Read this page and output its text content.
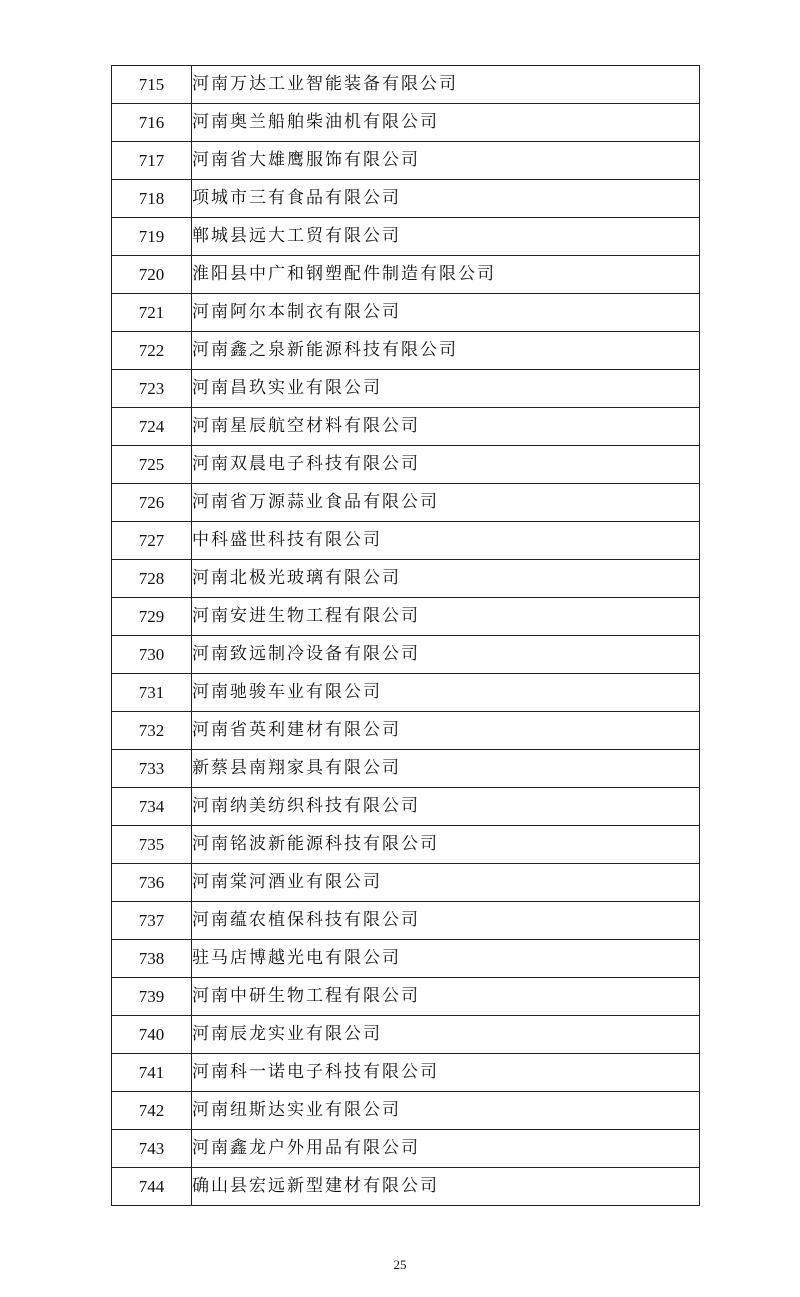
715	河南万达工业智能装备有限公司
716	河南奥兰船舶柴油机有限公司
717	河南省大雄鹰服饰有限公司
718	项城市三有食品有限公司
719	郸城县远大工贸有限公司
720	淮阳县中广和钢塑配件制造有限公司
721	河南阿尔本制衣有限公司
722	河南鑫之泉新能源科技有限公司
723	河南昌玖实业有限公司
724	河南星辰航空材料有限公司
725	河南双晨电子科技有限公司
726	河南省万源蒜业食品有限公司
727	中科盛世科技有限公司
728	河南北极光玻璃有限公司
729	河南安进生物工程有限公司
730	河南致远制冷设备有限公司
731	河南驰骏车业有限公司
732	河南省英利建材有限公司
733	新蔡县南翔家具有限公司
734	河南纳美纺织科技有限公司
735	河南铭波新能源科技有限公司
736	河南棠河酒业有限公司
737	河南蕴农植保科技有限公司
738	驻马店博越光电有限公司
739	河南中研生物工程有限公司
740	河南辰龙实业有限公司
741	河南科一诺电子科技有限公司
742	河南纽斯达实业有限公司
743	河南鑫龙户外用品有限公司
744	确山县宏远新型建材有限公司
25
